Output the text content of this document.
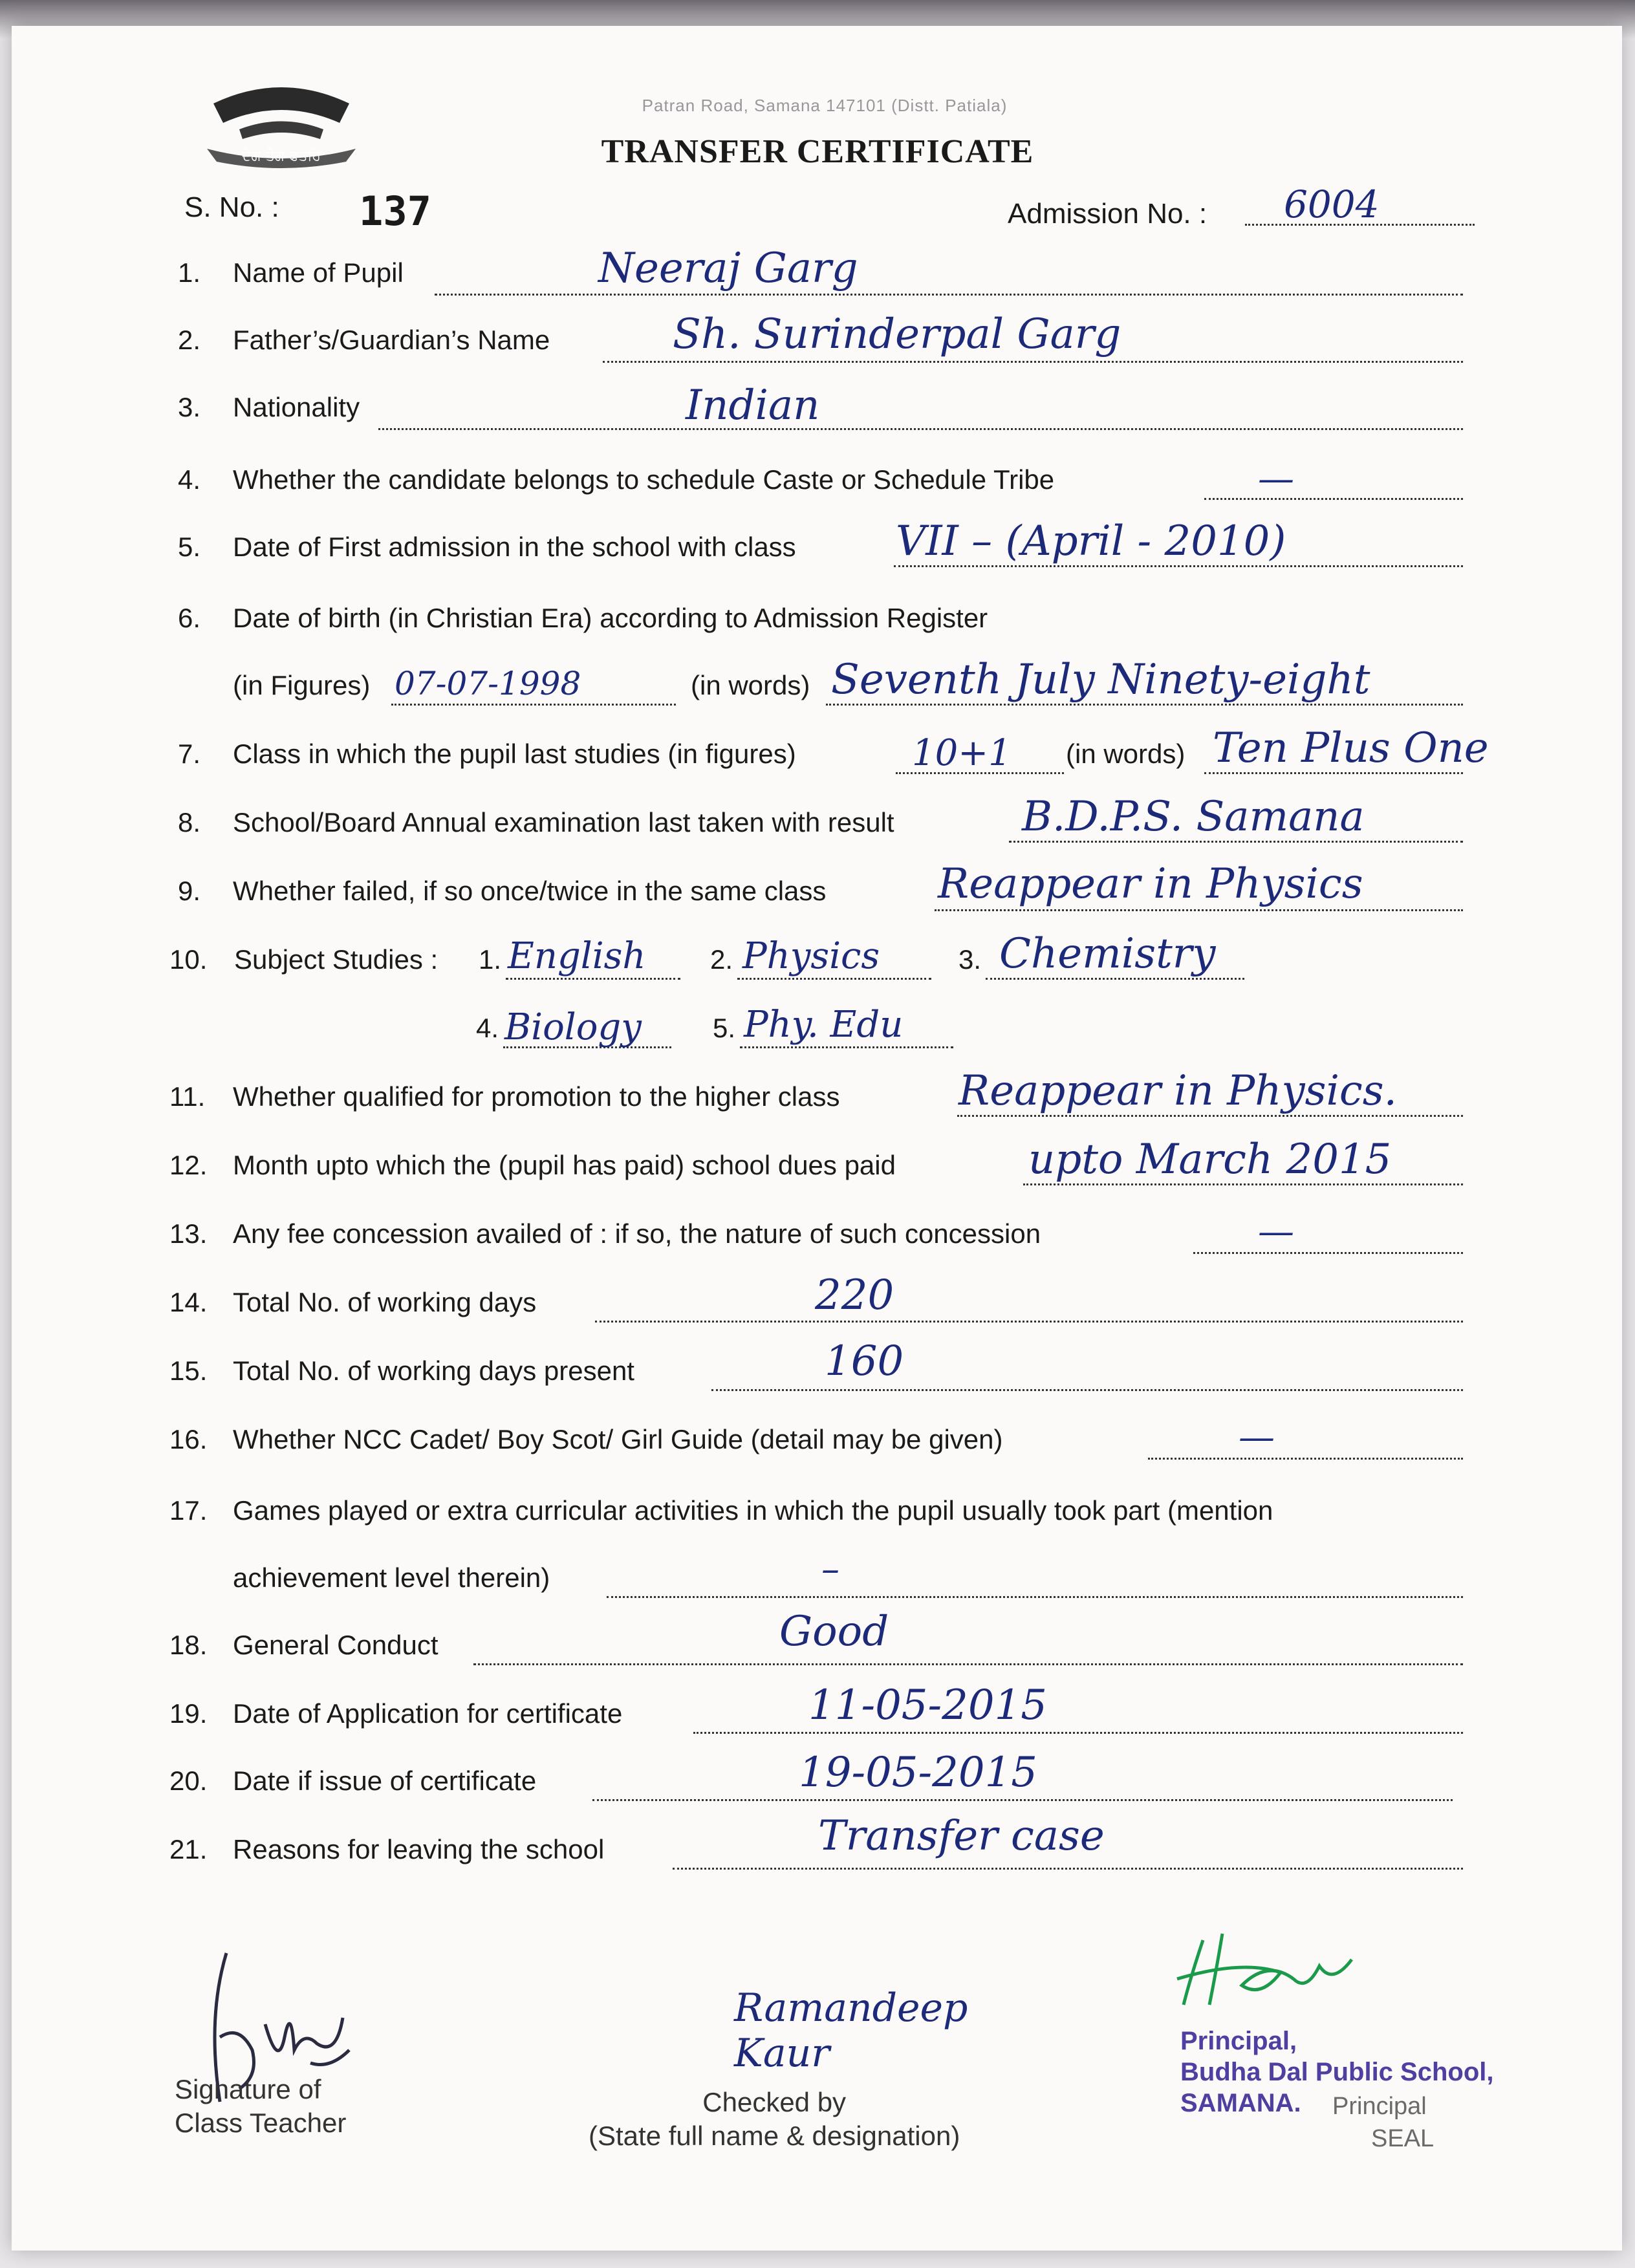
ਦੇਗ ਤੇਗ ਫਤਹਿ
Patran Road, Samana 147101 (Distt. Patiala)
TRANSFER CERTIFICATE
S. No. : 137	Admission No. : 6004
1. Name of Pupil	Neeraj Garg
2. Father’s/Guardian’s Name	Sh. Surinderpal Garg
3. Nationality	Indian
4. Whether the candidate belongs to schedule Caste or Schedule Tribe	—
5. Date of First admission in the school with class VII – (April - 2010)
6. Date of birth (in Christian Era) according to Admission Register
(in Figures) 07-07-1998	(in words) Seventh July Ninety-eight
7. Class in which the pupil last studies (in figures)	10+1 (in words) Ten Plus One
8. School/Board Annual examination last taken with result	B.D.P.S. Samana
9. Whether failed, if so once/twice in the same class	Reappear in Physics
10. Subject Studies : 1. English 2. Physics	3. Chemistry
4. Biology	5. Phy. Edu
11. Whether qualified for promotion to the higher class	Reappear in Physics.
12. Month upto which the (pupil has paid) school dues paid	upto March 2015
13. Any fee concession availed of : if so, the nature of such concession	—
14. Total No. of working days	220
15. Total No. of working days present	160
16. Whether NCC Cadet/ Boy Scot/ Girl Guide (detail may be given)	—
17. Games played or extra curricular activities in which the pupil usually took part (mention
achievement level therein)	–
18. General Conduct	Good
19. Date of Application for certificate	11-05-2015
20. Date if issue of certificate	19-05-2015
21. Reasons for leaving the school	Transfer case
Signature of
Class Teacher
Ramandeep Kaur
Checked by
(State full name & designation)
Principal,
Budha Dal Public School,
SAMANA.	Principal
SEAL
